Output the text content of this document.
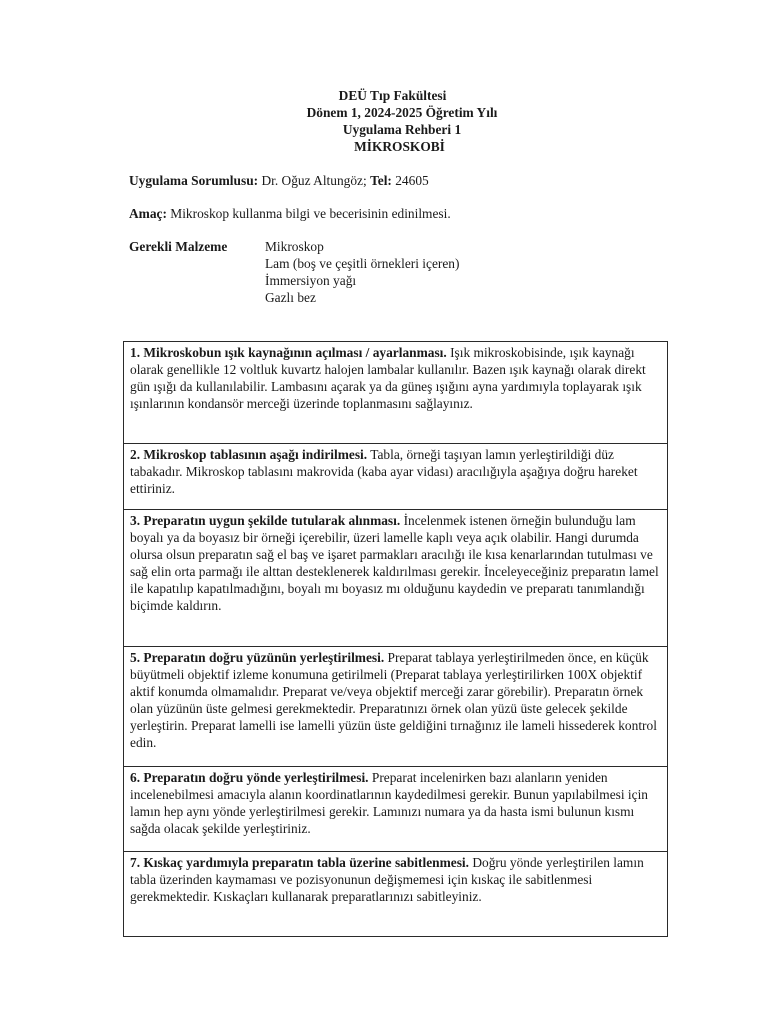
DEÜ Tıp Fakültesi
Dönem 1, 2024-2025 Öğretim Yılı
Uygulama Rehberi 1
MİKROSKOBİ
Uygulama Sorumlusu: Dr. Oğuz Altungöz; Tel: 24605
Amaç: Mikroskop kullanma bilgi ve becerisinin edinilmesi.
Gerekli Malzeme	Mikroskop
Lam (boş ve çeşitli örnekleri içeren)
İmmersiyon yağı
Gazlı bez
1. Mikroskobun ışık kaynağının açılması / ayarlanması. Işık mikroskobisinde, ışık kaynağı olarak genellikle 12 voltluk kuvartz halojen lambalar kullanılır. Bazen ışık kaynağı olarak direkt gün ışığı da kullanılabilir. Lambasını açarak ya da güneş ışığını ayna yardımıyla toplayarak ışık ışınlarının kondansör merceği üzerinde toplanmasını sağlayınız.
2. Mikroskop tablasının aşağı indirilmesi. Tabla, örneği taşıyan lamın yerleştirildiği düz tabakadır. Mikroskop tablasını makrovida (kaba ayar vidası) aracılığıyla aşağıya doğru hareket ettiriniz.
3. Preparatın uygun şekilde tutularak alınması. İncelenmek istenen örneğin bulunduğu lam boyalı ya da boyasız bir örneği içerebilir, üzeri lamelle kaplı veya açık olabilir. Hangi durumda olursa olsun preparatın sağ el baş ve işaret parmakları aracılığı ile kısa kenarlarından tutulması ve sağ elin orta parmağı ile alttan desteklenerek kaldırılması gerekir. İnceleyeceğiniz preparatın lamel ile kapatılıp kapatılmadığını, boyalı mı boyasız mı olduğunu kaydedin ve preparatı tanımlandığı biçimde kaldırın.
5. Preparatın doğru yüzünün yerleştirilmesi. Preparat tablaya yerleştirilmeden önce, en küçük büyütmeli objektif izleme konumuna getirilmeli (Preparat tablaya yerleştirilirken 100X objektif aktif konumda olmamalıdır. Preparat ve/veya objektif merceği zarar görebilir). Preparatın örnek olan yüzünün üste gelmesi gerekmektedir. Preparatınızı örnek olan yüzü üste gelecek şekilde yerleştirin. Preparat lamelli ise lamelli yüzün üste geldiğini tırnağınız ile lameli hissederek kontrol edin.
6. Preparatın doğru yönde yerleştirilmesi. Preparat incelenirken bazı alanların yeniden incelenebilmesi amacıyla alanın koordinatlarının kaydedilmesi gerekir. Bunun yapılabilmesi için lamın hep aynı yönde yerleştirilmesi gerekir. Lamınızı numara ya da hasta ismi bulunun kısmı sağda olacak şekilde yerleştiriniz.
7. Kıskaç yardımıyla preparatın tabla üzerine sabitlenmesi. Doğru yönde yerleştirilen lamın tabla üzerinden kaymaması ve pozisyonunun değişmemesi için kıskaç ile sabitlenmesi gerekmektedir. Kıskaçları kullanarak preparatlarınızı sabitleyiniz.
